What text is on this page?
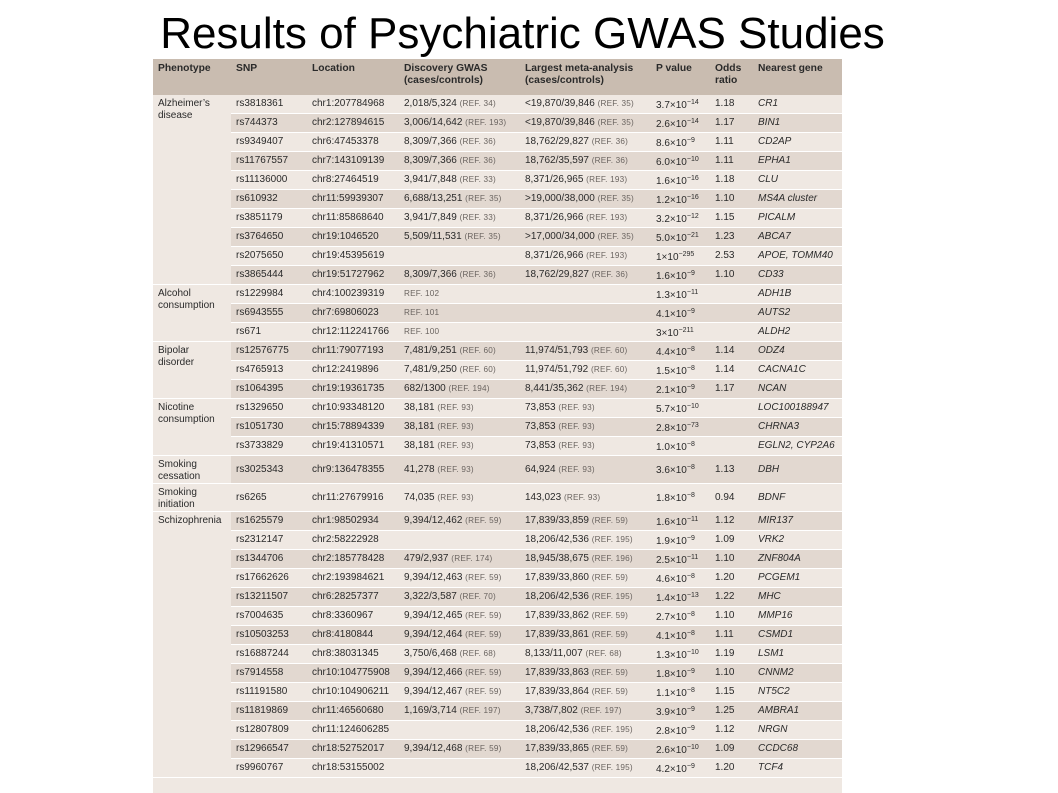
Results of Psychiatric GWAS Studies
Phenotype	SNP	Location	Discovery GWAS (cases/controls)	Largest meta-analysis (cases/controls)	P value	Odds ratio	Nearest gene
Alzheimer’s disease	rs3818361	chr1:207784968	2,018/5,324 (REF. 34)	<19,870/39,846 (REF. 35)	$3.7\times 10^{-14}$	1.18	CR1
	rs744373	chr2:127894615	3,006/14,642 (REF. 193)	<19,870/39,846 (REF. 35)	$2.6\times 10^{-14}$	1.17	BIN1
	rs9349407	chr6:47453378	8,309/7,366 (REF. 36)	18,762/29,827 (REF. 36)	$8.6\times 10^{-9}$	1.11	CD2AP
	rs11767557	chr7:143109139	8,309/7,366 (REF. 36)	18,762/35,597 (REF. 36)	$6.0\times 10^{-10}$	1.11	EPHA1
	rs11136000	chr8:27464519	3,941/7,848 (REF. 33)	8,371/26,965 (REF. 193)	$1.6\times 10^{-16}$	1.18	CLU
	rs610932	chr11:59939307	6,688/13,251 (REF. 35)	>19,000/38,000 (REF. 35)	$1.2\times 10^{-16}$	1.10	MS4A cluster
	rs3851179	chr11:85868640	3,941/7,849 (REF. 33)	8,371/26,966 (REF. 193)	$3.2\times 10^{-12}$	1.15	PICALM
	rs3764650	chr19:1046520	5,509/11,531 (REF. 35)	>17,000/34,000 (REF. 35)	$5.0\times 10^{-21}$	1.23	ABCA7
	rs2075650	chr19:45395619		8,371/26,966 (REF. 193)	$1\times 10^{-295}$	2.53	APOE, TOMM40
	rs3865444	chr19:51727962	8,309/7,366 (REF. 36)	18,762/29,827 (REF. 36)	$1.6\times 10^{-9}$	1.10	CD33
Alcohol consumption	rs1229984	chr4:100239319	REF. 102		$1.3\times 10^{-11}$		ADH1B
	rs6943555	chr7:69806023	REF. 101		$4.1\times 10^{-9}$		AUTS2
	rs671	chr12:112241766	REF. 100		$3\times 10^{-211}$		ALDH2
Bipolar disorder	rs12576775	chr11:79077193	7,481/9,251 (REF. 60)	11,974/51,793 (REF. 60)	$4.4\times 10^{-8}$	1.14	ODZ4
	rs4765913	chr12:2419896	7,481/9,250 (REF. 60)	11,974/51,792 (REF. 60)	$1.5\times 10^{-8}$	1.14	CACNA1C
	rs1064395	chr19:19361735	682/1300 (REF. 194)	8,441/35,362 (REF. 194)	$2.1\times 10^{-9}$	1.17	NCAN
Nicotine consumption	rs1329650	chr10:93348120	38,181 (REF. 93)	73,853 (REF. 93)	$5.7\times 10^{-10}$		LOC100188947
	rs1051730	chr15:78894339	38,181 (REF. 93)	73,853 (REF. 93)	$2.8\times 10^{-73}$		CHRNA3
	rs3733829	chr19:41310571	38,181 (REF. 93)	73,853 (REF. 93)	$1.0\times 10^{-8}$		EGLN2, CYP2A6
Smoking cessation	rs3025343	chr9:136478355	41,278 (REF. 93)	64,924 (REF. 93)	$3.6\times 10^{-8}$	1.13	DBH
Smoking initiation	rs6265	chr11:27679916	74,035 (REF. 93)	143,023 (REF. 93)	$1.8\times 10^{-8}$	0.94	BDNF
Schizophrenia	rs1625579	chr1:98502934	9,394/12,462 (REF. 59)	17,839/33,859 (REF. 59)	$1.6\times 10^{-11}$	1.12	MIR137
	rs2312147	chr2:58222928		18,206/42,536 (REF. 195)	$1.9\times 10^{-9}$	1.09	VRK2
	rs1344706	chr2:185778428	479/2,937 (REF. 174)	18,945/38,675 (REF. 196)	$2.5\times 10^{-11}$	1.10	ZNF804A
	rs17662626	chr2:193984621	9,394/12,463 (REF. 59)	17,839/33,860 (REF. 59)	$4.6\times 10^{-8}$	1.20	PCGEM1
	rs13211507	chr6:28257377	3,322/3,587 (REF. 70)	18,206/42,536 (REF. 195)	$1.4\times 10^{-13}$	1.22	MHC
	rs7004635	chr8:3360967	9,394/12,465 (REF. 59)	17,839/33,862 (REF. 59)	$2.7\times 10^{-8}$	1.10	MMP16
	rs10503253	chr8:4180844	9,394/12,464 (REF. 59)	17,839/33,861 (REF. 59)	$4.1\times 10^{-8}$	1.11	CSMD1
	rs16887244	chr8:38031345	3,750/6,468 (REF. 68)	8,133/11,007 (REF. 68)	$1.3\times 10^{-10}$	1.19	LSM1
	rs7914558	chr10:104775908	9,394/12,466 (REF. 59)	17,839/33,863 (REF. 59)	$1.8\times 10^{-9}$	1.10	CNNM2
	rs11191580	chr10:104906211	9,394/12,467 (REF. 59)	17,839/33,864 (REF. 59)	$1.1\times 10^{-8}$	1.15	NT5C2
	rs11819869	chr11:46560680	1,169/3,714 (REF. 197)	3,738/7,802 (REF. 197)	$3.9\times 10^{-9}$	1.25	AMBRA1
	rs12807809	chr11:124606285		18,206/42,536 (REF. 195)	$2.8\times 10^{-9}$	1.12	NRGN
	rs12966547	chr18:52752017	9,394/12,468 (REF. 59)	17,839/33,865 (REF. 59)	$2.6\times 10^{-10}$	1.09	CCDC68
	rs9960767	chr18:53155002		18,206/42,537 (REF. 195)	$4.2\times 10^{-9}$	1.20	TCF4
